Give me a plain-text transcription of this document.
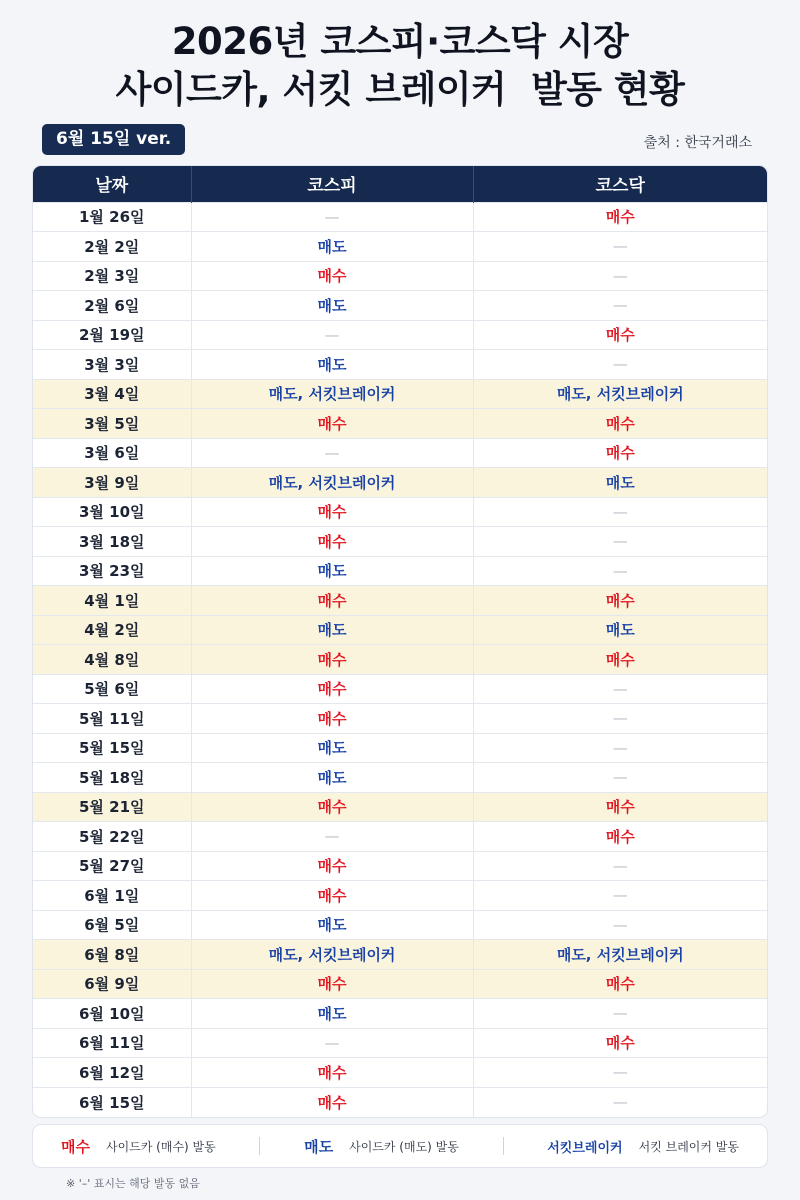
2026년 코스피·코스닥 시장
사이드카, 서킷 브레이커  발동 현황
6월 15일 ver.	출처 : 한국거래소
날짜	코스피	코스닥
1월 26일	—	매수
2월 2일	매도	—
2월 3일	매수	—
2월 6일	매도	—
2월 19일	—	매수
3월 3일	매도	—
3월 4일	매도, 서킷브레이커	매도, 서킷브레이커
3월 5일	매수	매수
3월 6일	—	매수
3월 9일	매도, 서킷브레이커	매도
3월 10일	매수	—
3월 18일	매수	—
3월 23일	매도	—
4월 1일	매수	매수
4월 2일	매도	매도
4월 8일	매수	매수
5월 6일	매수	—
5월 11일	매수	—
5월 15일	매도	—
5월 18일	매도	—
5월 21일	매수	매수
5월 22일	—	매수
5월 27일	매수	—
6월 1일	매수	—
6월 5일	매도	—
6월 8일	매도, 서킷브레이커	매도, 서킷브레이커
6월 9일	매수	매수
6월 10일	매도	—
6월 11일	—	매수
6월 12일	매수	—
6월 15일	매수	—
매수 사이드카 (매수) 발동	매도 사이드카 (매도) 발동	서킷브레이커 서킷 브레이커 발동
※ '–' 표시는 해당 발동 없음
